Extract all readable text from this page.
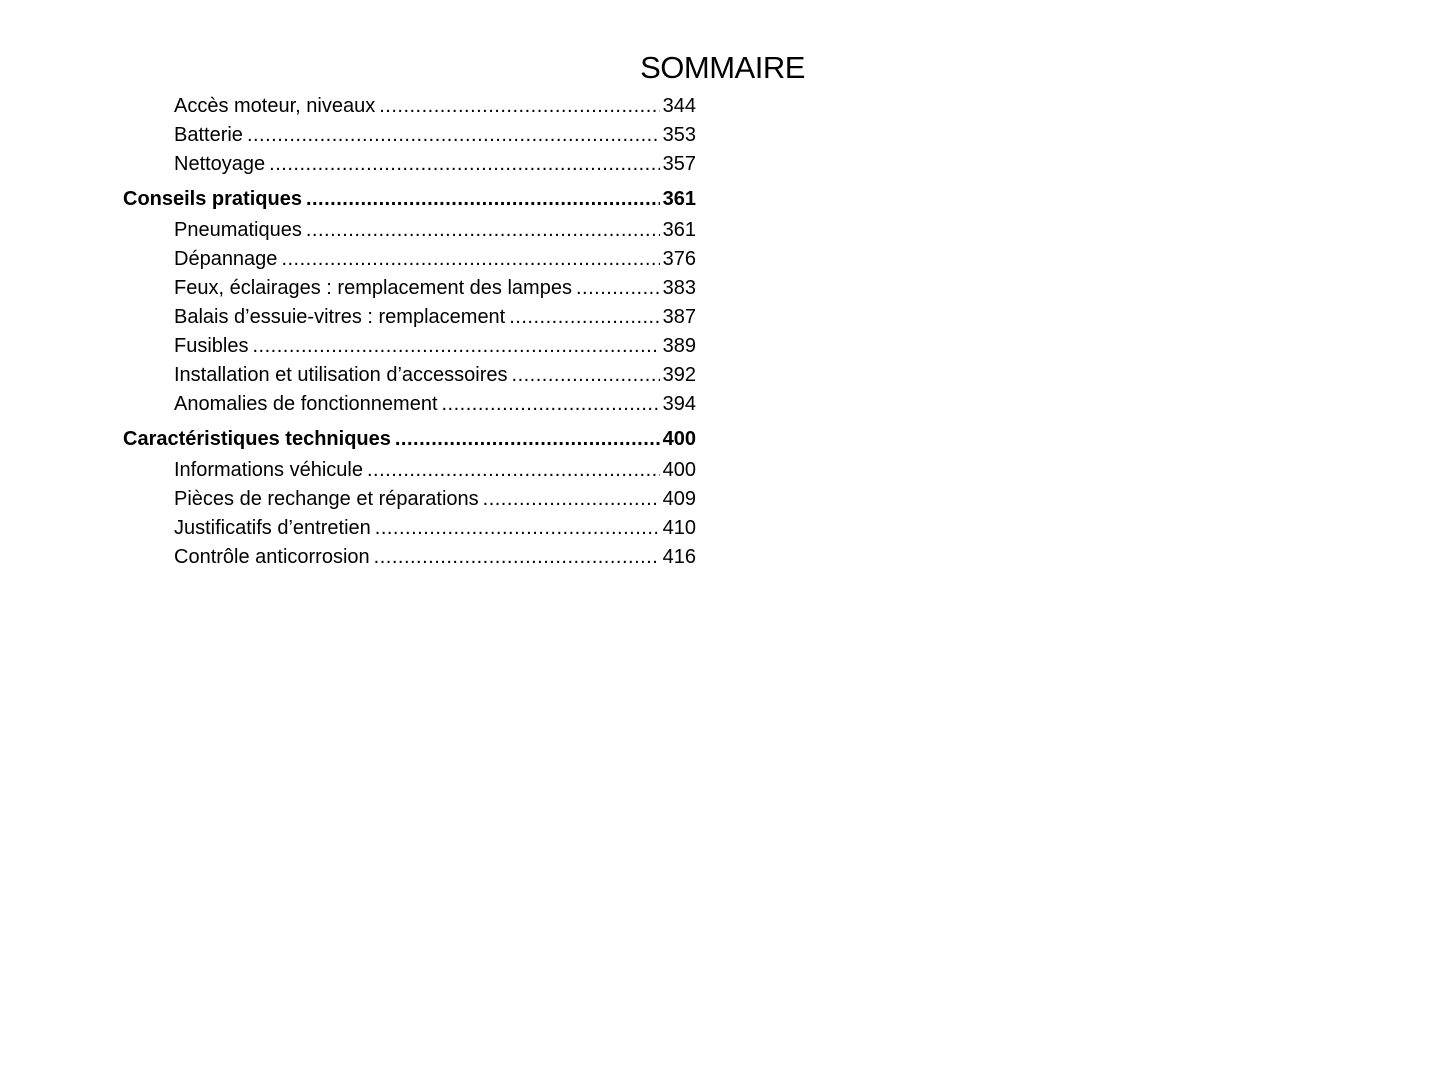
SOMMAIRE
Accès moteur, niveaux .....	344
Batterie .....	353
Nettoyage .....	357
Conseils pratiques .....	361
Pneumatiques .....	361
Dépannage .....	376
Feux, éclairages : remplacement des lampes .....	383
Balais d’essuie-vitres : remplacement .....	387
Fusibles .....	389
Installation et utilisation d’accessoires .....	392
Anomalies de fonctionnement .....	394
Caractéristiques techniques .....	400
Informations véhicule .....	400
Pièces de rechange et réparations .....	409
Justificatifs d’entretien .....	410
Contrôle anticorrosion .....	416
